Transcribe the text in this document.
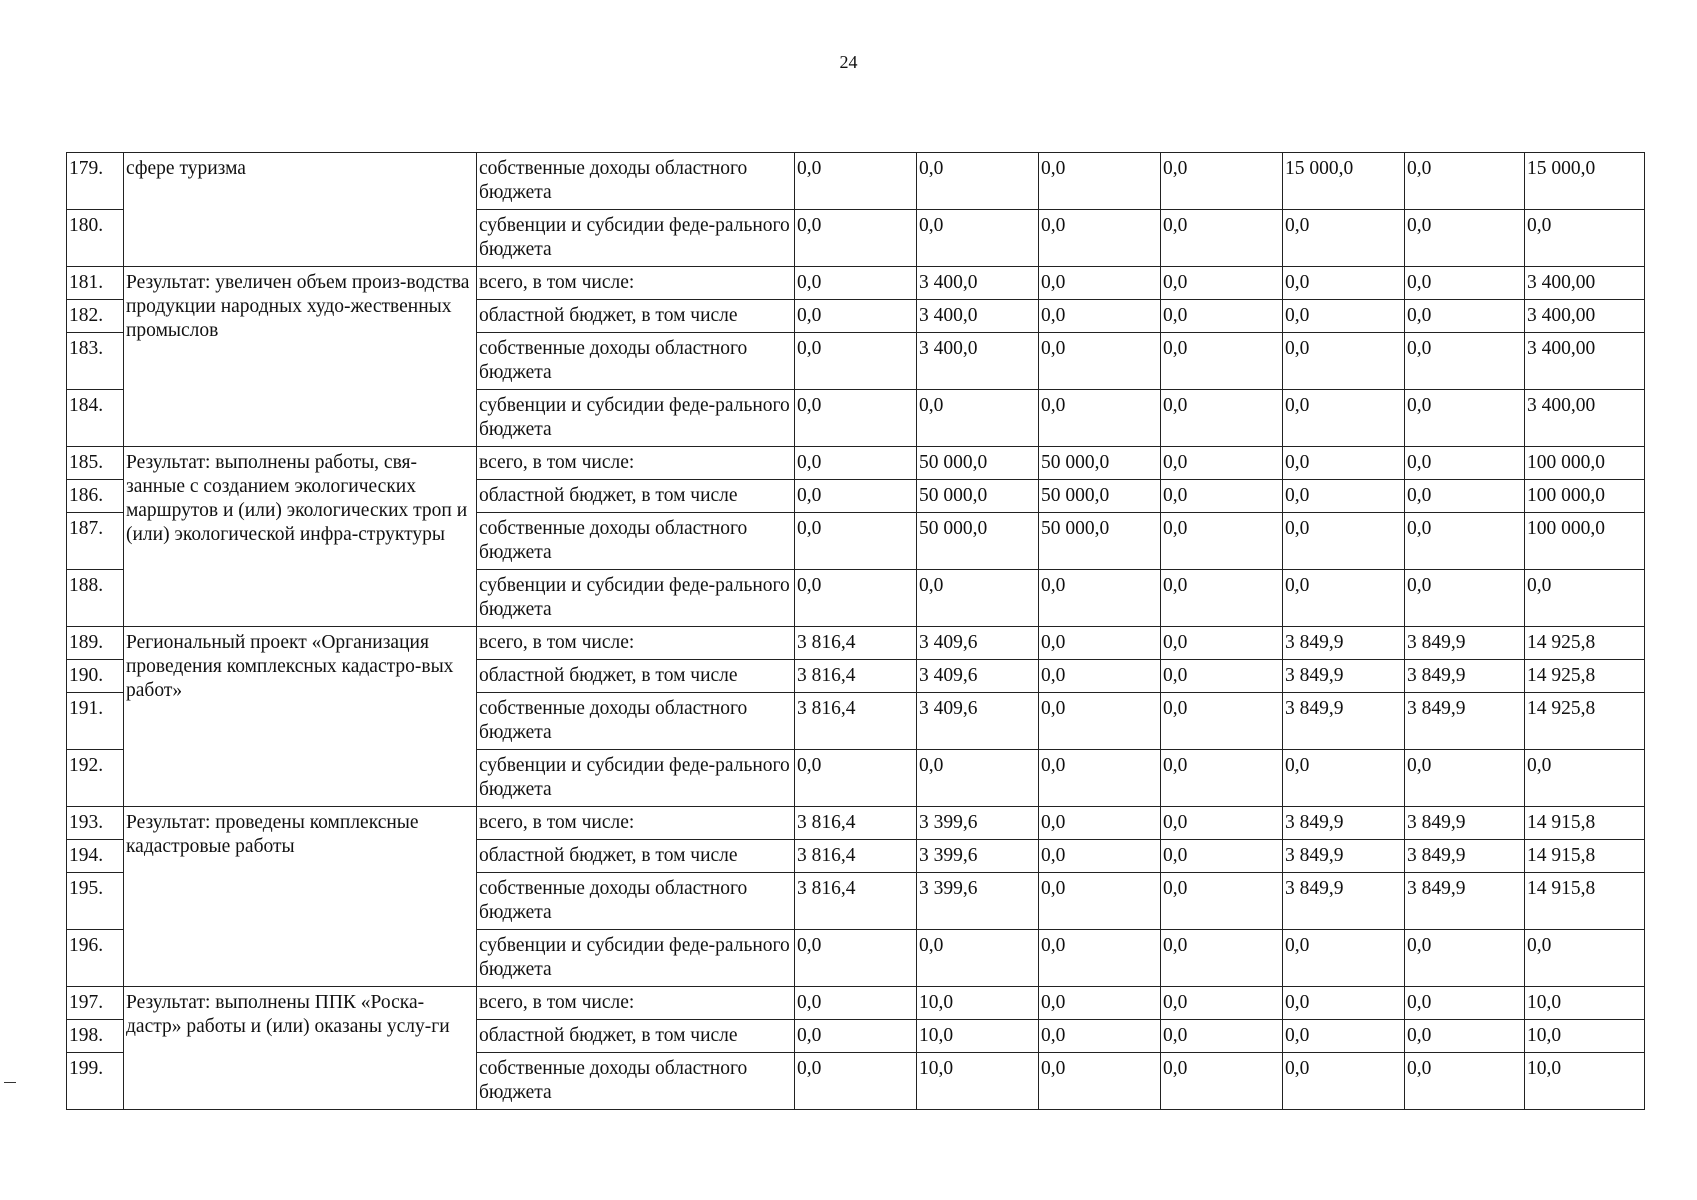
24
179.	сфере туризма	собственные доходы областного бюджета	0,0	0,0	0,0	0,0	15 000,0	0,0	15 000,0
180.		субвенции и субсидии феде-рального бюджета	0,0	0,0	0,0	0,0	0,0	0,0	0,0
181.	Результат: увеличен объем произ-водства продукции народных худо-жественных промыслов	всего, в том числе:	0,0	3 400,0	0,0	0,0	0,0	0,0	3 400,00
182.		областной бюджет, в том числе	0,0	3 400,0	0,0	0,0	0,0	0,0	3 400,00
183.		собственные доходы областного бюджета	0,0	3 400,0	0,0	0,0	0,0	0,0	3 400,00
184.		субвенции и субсидии феде-рального бюджета	0,0	0,0	0,0	0,0	0,0	0,0	3 400,00
185.	Результат: выполнены работы, свя-занные с созданием экологических маршрутов и (или) экологических троп и (или) экологической инфра-структуры	всего, в том числе:	0,0	50 000,0	50 000,0	0,0	0,0	0,0	100 000,0
186.		областной бюджет, в том числе	0,0	50 000,0	50 000,0	0,0	0,0	0,0	100 000,0
187.		собственные доходы областного бюджета	0,0	50 000,0	50 000,0	0,0	0,0	0,0	100 000,0
188.		субвенции и субсидии феде-рального бюджета	0,0	0,0	0,0	0,0	0,0	0,0	0,0
189.	Региональный проект «Организация проведения комплексных кадастро-вых работ»	всего, в том числе:	3 816,4	3 409,6	0,0	0,0	3 849,9	3 849,9	14 925,8
190.		областной бюджет, в том числе	3 816,4	3 409,6	0,0	0,0	3 849,9	3 849,9	14 925,8
191.		собственные доходы областного бюджета	3 816,4	3 409,6	0,0	0,0	3 849,9	3 849,9	14 925,8
192.		субвенции и субсидии феде-рального бюджета	0,0	0,0	0,0	0,0	0,0	0,0	0,0
193.	Результат: проведены комплексные кадастровые работы	всего, в том числе:	3 816,4	3 399,6	0,0	0,0	3 849,9	3 849,9	14 915,8
194.		областной бюджет, в том числе	3 816,4	3 399,6	0,0	0,0	3 849,9	3 849,9	14 915,8
195.		собственные доходы областного бюджета	3 816,4	3 399,6	0,0	0,0	3 849,9	3 849,9	14 915,8
196.		субвенции и субсидии феде-рального бюджета	0,0	0,0	0,0	0,0	0,0	0,0	0,0
197.	Результат: выполнены ППК «Роска-дастр» работы и (или) оказаны услу-ги	всего, в том числе:	0,0	10,0	0,0	0,0	0,0	0,0	10,0
198.		областной бюджет, в том числе	0,0	10,0	0,0	0,0	0,0	0,0	10,0
199.		собственные доходы областного бюджета	0,0	10,0	0,0	0,0	0,0	0,0	10,0
